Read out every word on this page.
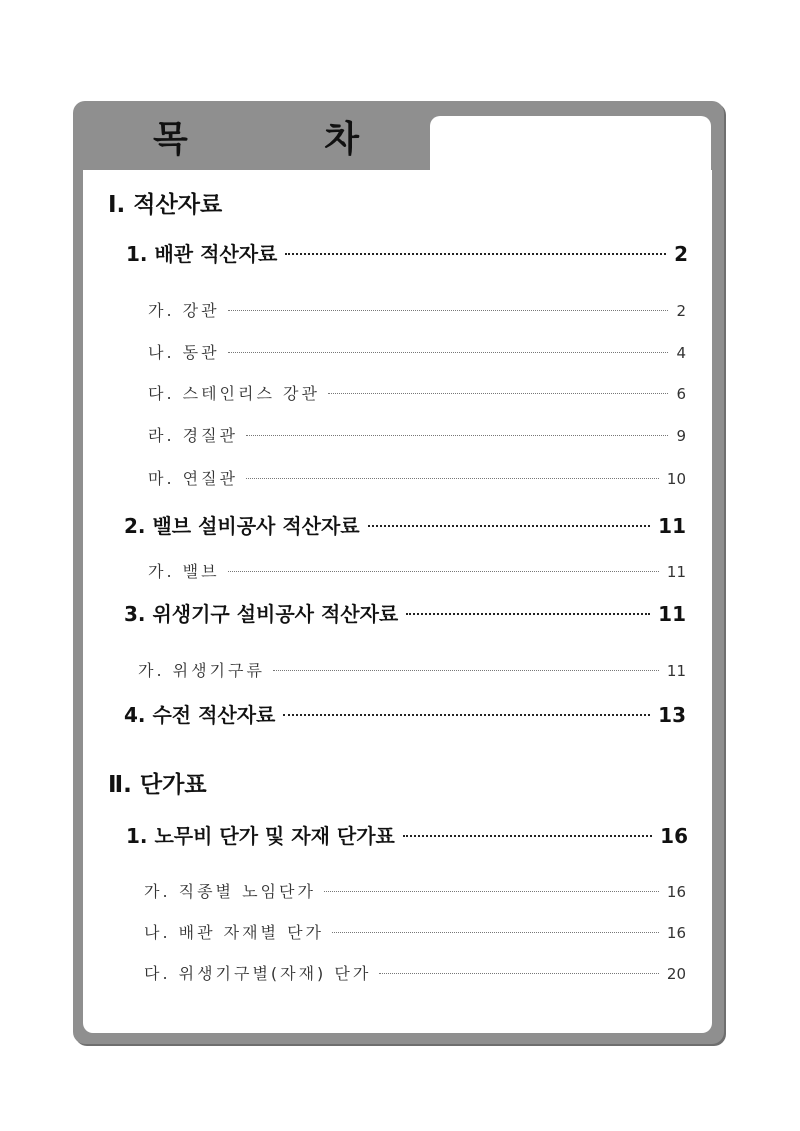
목 차
Ⅰ. 적산자료
1. 배관 적산자료	2
가. 강관	2
나. 동관	4
다. 스테인리스 강관	6
라. 경질관	9
마. 연질관	10
2. 밸브 설비공사 적산자료	11
가. 밸브	11
3. 위생기구 설비공사 적산자료	11
가. 위생기구류	11
4. 수전 적산자료	13
Ⅱ. 단가표
1. 노무비 단가 및 자재 단가표	16
가. 직종별 노임단가	16
나. 배관 자재별 단가	16
다. 위생기구별(자재) 단가	20
